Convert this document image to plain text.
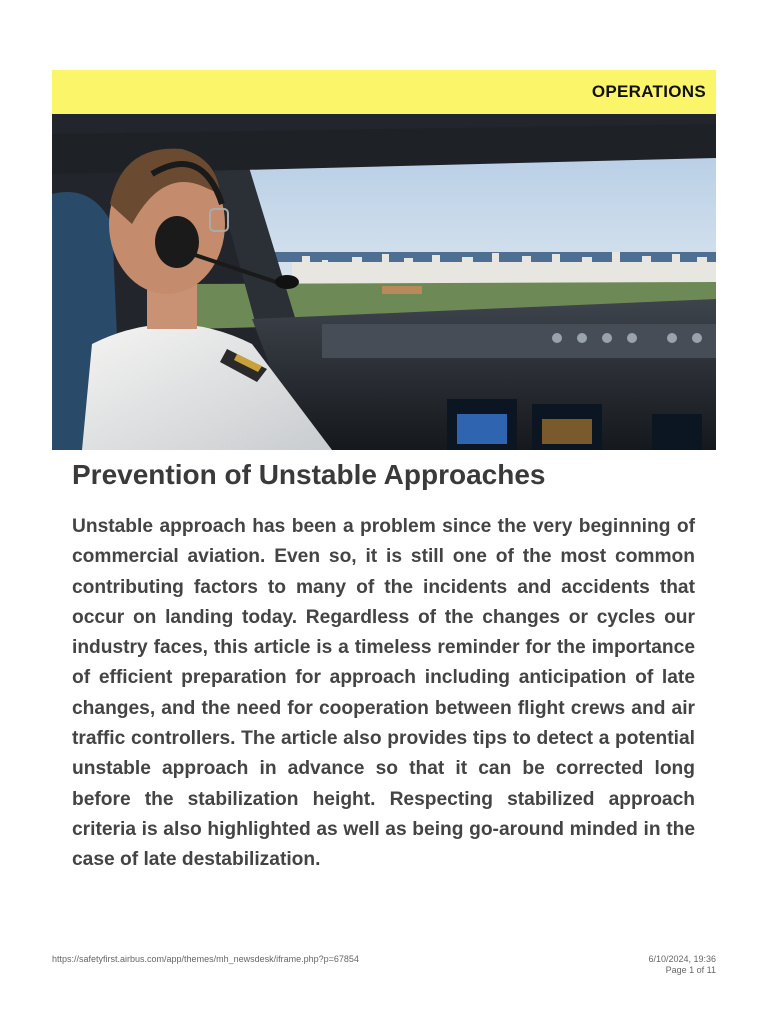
OPERATIONS
Prevention of Unstable Approaches

Unstable approach has been a problem since the very beginning of commercial aviation. Even so, it is still one of the most common contributing factors to many of the incidents and accidents that occur on landing today. Regardless of the changes or cycles our industry faces, this article is a timeless reminder for the importance of efficient preparation for approach including anticipation of late changes, and the need for cooperation between flight crews and air traffic controllers. The article also provides tips to detect a potential unstable approach in advance so that it can be corrected long before the stabilization height. Respecting stabilized approach criteria is also highlighted as well as being go-around minded in the case of late destabilization.

https://safetyfirst.airbus.com/app/themes/mh_newsdesk/iframe.php?p=67854	6/10/2024, 19:36
Page 1 of 11
